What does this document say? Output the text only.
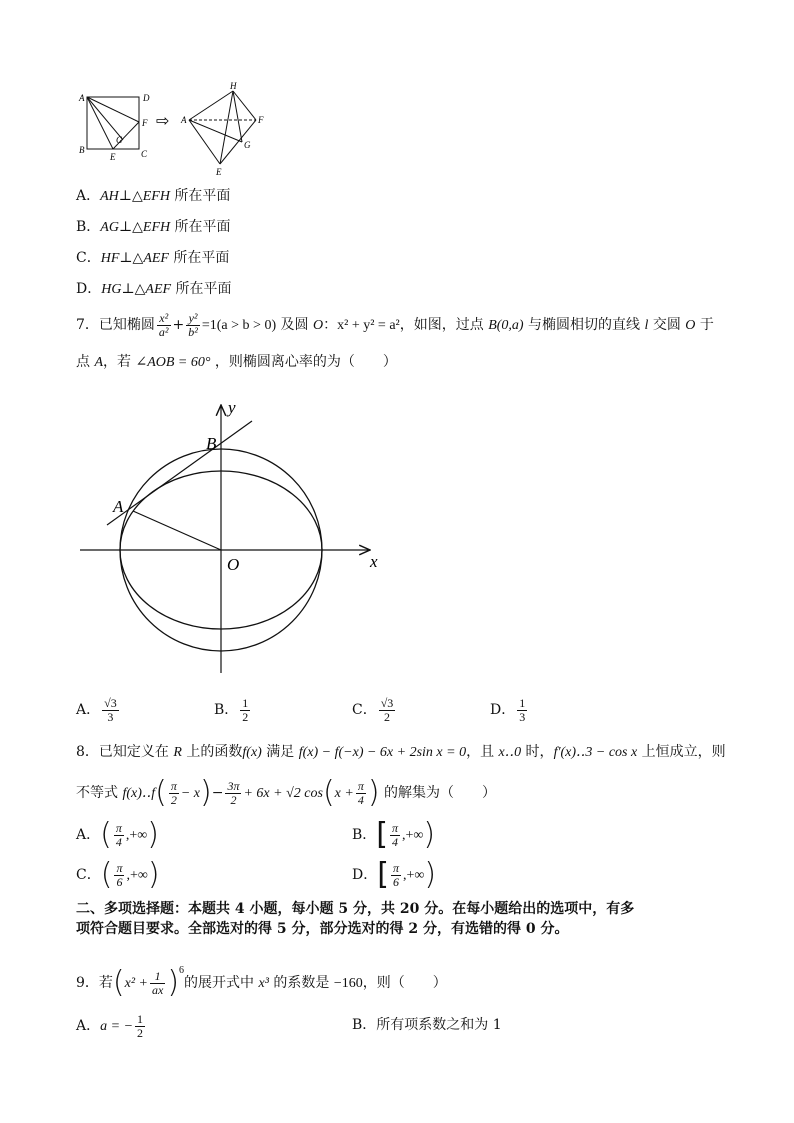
A	D
F
G
B
E	C
⇨
H
A	F
G
E
A．AH⊥△EFH 所在平面
B．AG⊥△EFH 所在平面
C．HF⊥△AEF 所在平面
D．HG⊥△AEF 所在平面
7．已知椭圆 $\frac{\text{x²}}{\text{a²}} + \frac{\text{y²}}{\text{b²}} =1(a > b > 0)$ 及圆 O：x² + y² = a²，如图，过点 B(0,a) 与椭圆相切的直线 l 交圆 O 于
点 A，若 ∠AOB = 60° ，则椭圆离心率的为（　　）
y
x
B
A
O
A． $\frac{√3}{3}$	B． $\frac{1}{2}$	C． $\frac{√3}{2}$	D． $\frac{1}{3}$
8．已知定义在 R 上的函数f(x) 满足 f(x) − f(−x) − 6x + 2sin x = 0，且 x‥0 时，f′(x)‥3 − cos x 上恒成立，则
不等式 f(x)‥f( $\frac{\pi}{2} - x)- \frac{3\pi}{2} + 6x + √2$ $\cos(x + \frac{\pi}{4}$ ) 的解集为（　　）
A．( $\frac{\pi}{4}$ ,+∞)	B．[ $\frac{\pi}{4}$ ,+∞)
C．( $\frac{\pi}{6}$ ,+∞)	D．[ $\frac{\pi}{6}$ ,+∞)
二、多项选择题：本题共 4 小题，每小题 5 分，共 20 分。在每小题给出的选项中，有多
项符合题目要求。全部选对的得 5 分，部分选对的得 2 分，有选错的得 0 分。
9．若$(x^2 + \frac{1}{ax} )^6$的展开式中 x³ 的系数是 −160，则（　　）
A．a = − $\frac{1}{2}$	B．所有项系数之和为 1
